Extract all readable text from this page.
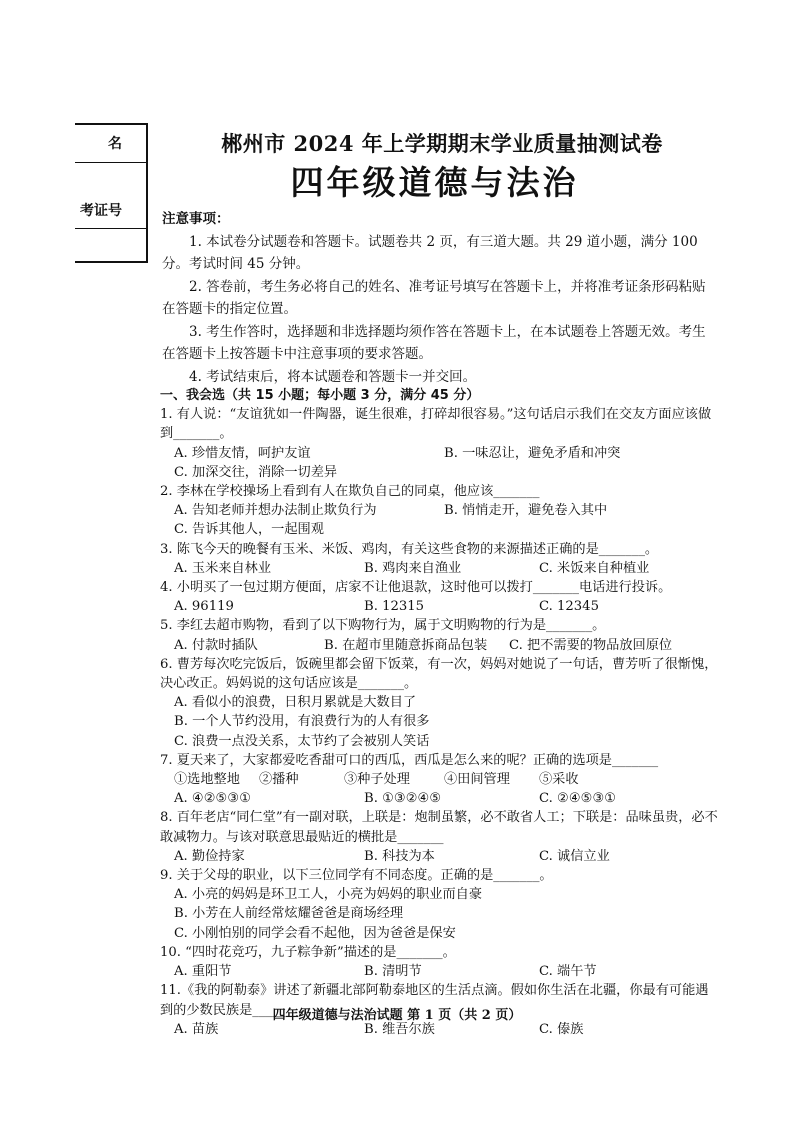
名
考证号
郴州市 2024 年上学期期末学业质量抽测试卷
四年级道德与法治
注意事项：

1. 本试卷分试题卷和答题卡。试题卷共 2 页，有三道大题。共 29 道小题，满分 100 分。考试时间 45 分钟。

2. 答卷前，考生务必将自己的姓名、准考证号填写在答题卡上，并将准考证条形码粘贴在答题卡的指定位置。

3. 考生作答时，选择题和非选择题均须作答在答题卡上，在本试题卷上答题无效。考生在答题卡上按答题卡中注意事项的要求答题。

4. 考试结束后，将本试题卷和答题卡一并交回。

一、我会选（共 15 小题；每小题 3 分，满分 45 分）

1. 有人说：“友谊犹如一件陶器，诞生很难，打碎却很容易。”这句话启示我们在交友方面应该做到_______。

A. 珍惜友情，呵护友谊	B. 一味忍让，避免矛盾和冲突

C. 加深交往，消除一切差异

2. 李林在学校操场上看到有人在欺负自己的同桌，他应该_______

A. 告知老师并想办法制止欺负行为	B. 悄悄走开，避免卷入其中

C. 告诉其他人，一起围观

3. 陈飞今天的晚餐有玉米、米饭、鸡肉，有关这些食物的来源描述正确的是_______。

A. 玉米来自林业	B. 鸡肉来自渔业	C. 米饭来自种植业

4. 小明买了一包过期方便面，店家不让他退款，这时他可以拨打_______电话进行投诉。

A. 96119	B. 12315	C. 12345

5. 李红去超市购物，看到了以下购物行为，属于文明购物的行为是_______。

A. 付款时插队	B. 在超市里随意拆商品包装	C. 把不需要的物品放回原位

6. 曹芳每次吃完饭后，饭碗里都会留下饭菜，有一次，妈妈对她说了一句话，曹芳听了很惭愧，决心改正。妈妈说的这句话应该是_______。

A. 看似小的浪费，日积月累就是大数目了

B. 一个人节约没用，有浪费行为的人有很多

C. 浪费一点没关系，太节约了会被别人笑话

7. 夏天来了，大家都爱吃香甜可口的西瓜，西瓜是怎么来的呢？正确的选项是_______

①选地整地	②播种	③种子处理	④田间管理	⑤采收
A. ④②⑤③①	B. ①③②④⑤	C. ②④⑤③①

8. 百年老店“同仁堂”有一副对联，上联是：炮制虽繁，必不敢省人工；下联是：品味虽贵，必不敢减物力。与该对联意思最贴近的横批是_______

A. 勤俭持家	B. 科技为本	C. 诚信立业

9. 关于父母的职业，以下三位同学有不同态度。正确的是_______。

A. 小亮的妈妈是环卫工人，小亮为妈妈的职业而自豪

B. 小芳在人前经常炫耀爸爸是商场经理

C. 小刚怕别的同学会看不起他，因为爸爸是保安

10. “四时花竞巧，九子粽争新”描述的是_______。

A. 重阳节	B. 清明节	C. 端午节

11.《我的阿勒泰》讲述了新疆北部阿勒泰地区的生活点滴。假如你生活在北疆，你最有可能遇到的少数民族是_______。

A. 苗族	B. 维吾尔族	C. 傣族
四年级道德与法治试题 第 1 页（共 2 页）
